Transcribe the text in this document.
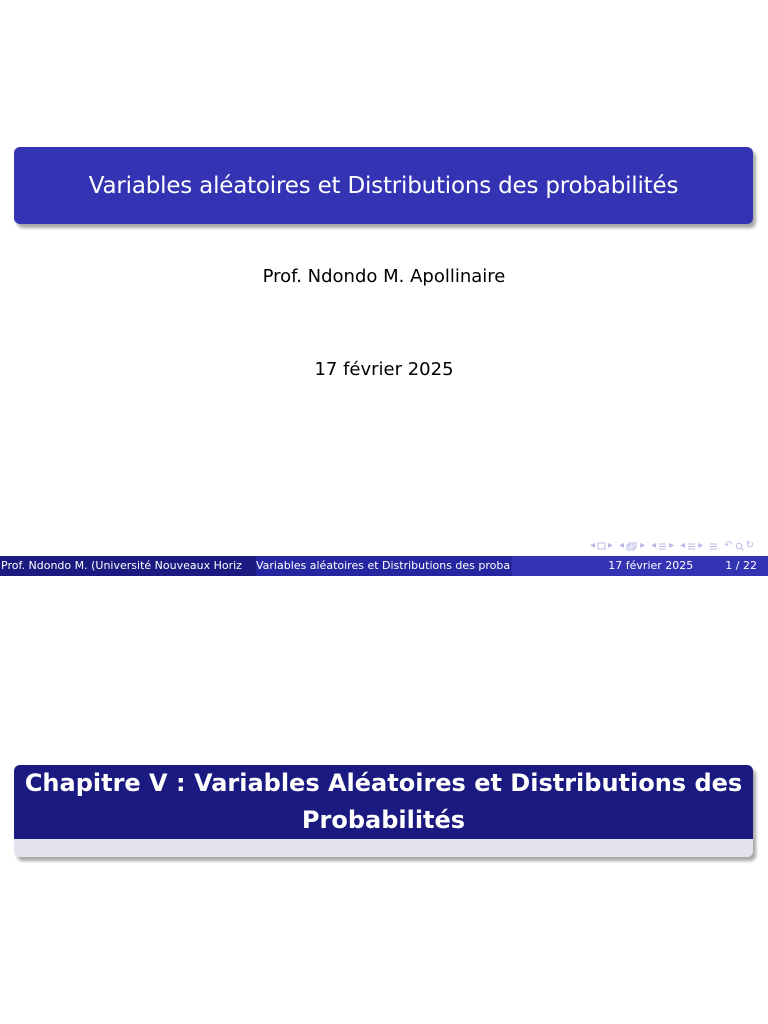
Variables aléatoires et Distributions des probabilités
Prof. Ndondo M. Apollinaire
17 février 2025
◂ ▸ ◂ ▸ ◂ ▸ ◂ ▸ ↶ ↻
Prof. Ndondo M. (Université Nouveaux Horiz	Variables aléatoires et Distributions des proba	17 février 2025	1 / 22
Chapitre V : Variables Aléatoires et Distributions des Probabilités
